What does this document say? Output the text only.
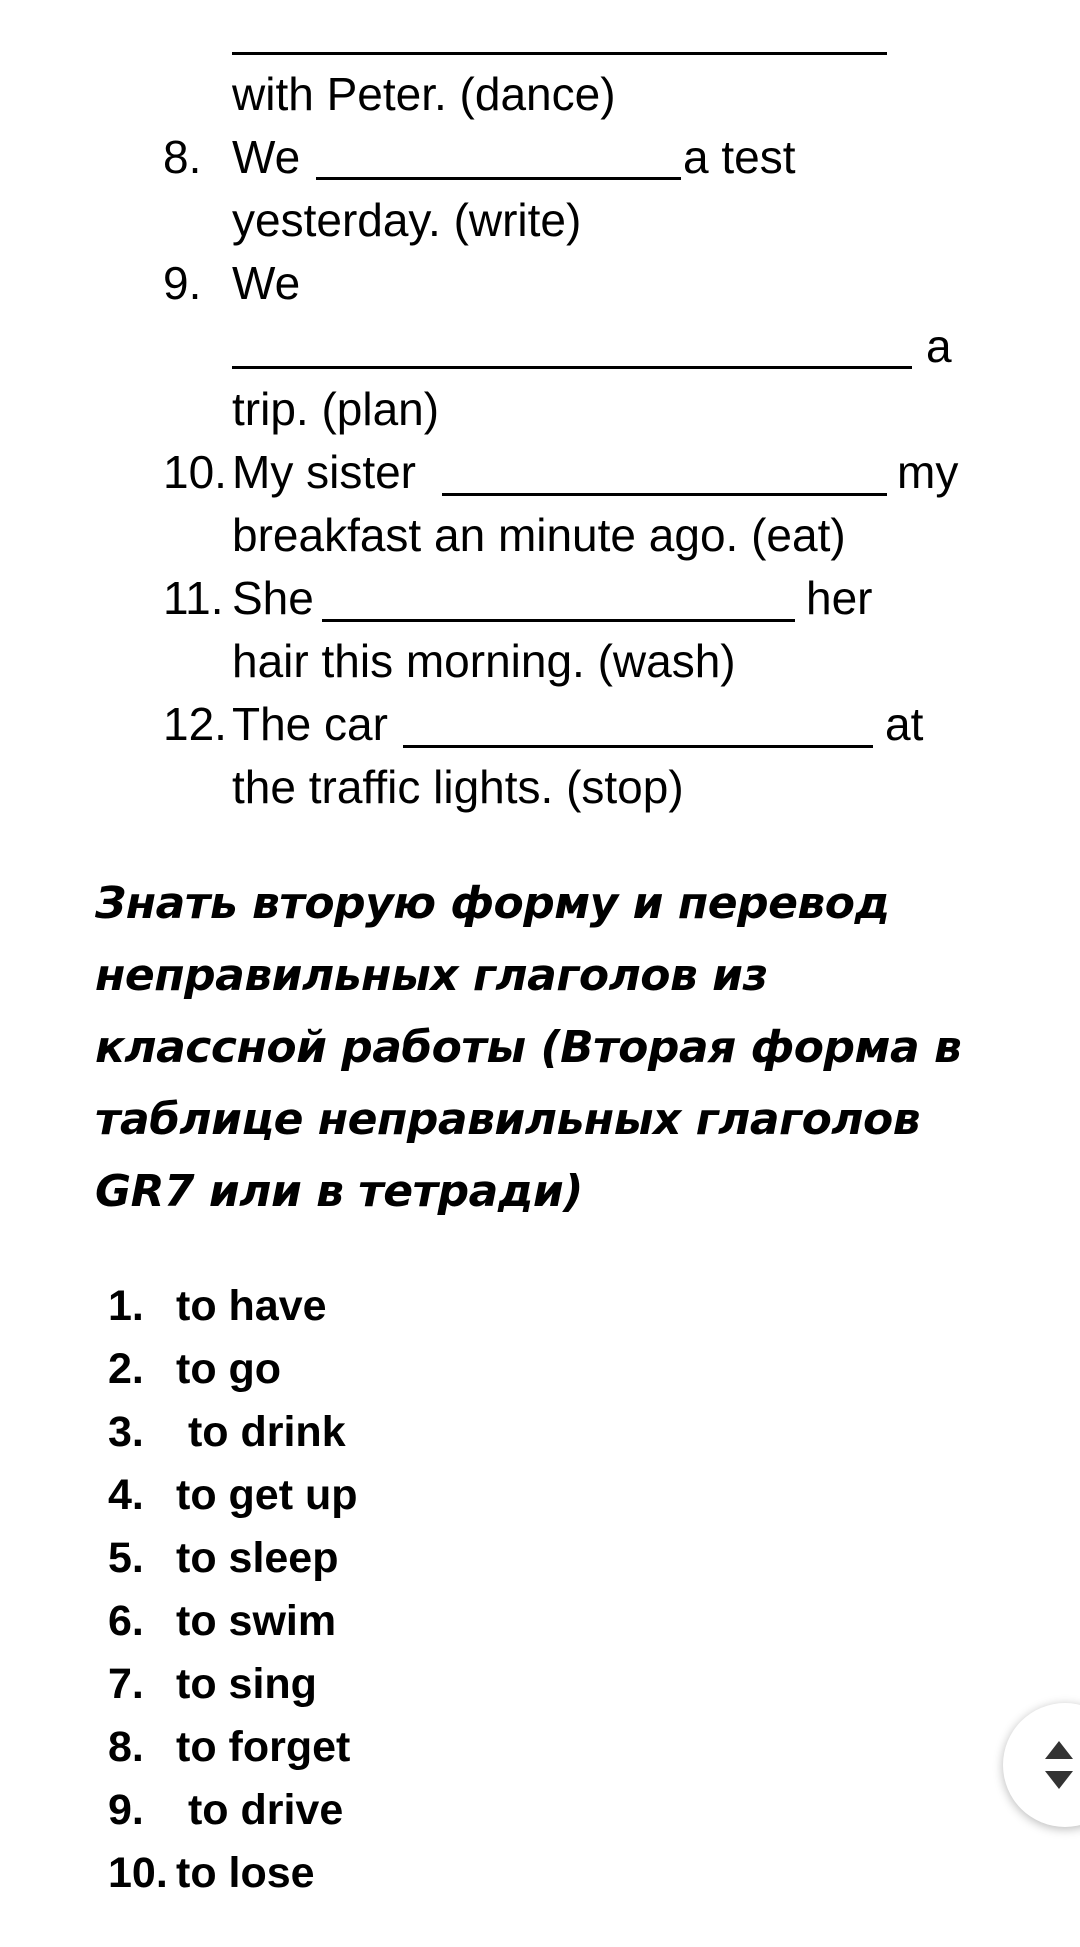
with Peter. (dance)
8. We	a test
yesterday. (write)
9. We
a
trip. (plan)
10. My sister	my
breakfast an minute ago. (eat)
11. She	her
hair this morning. (wash)
12. The car	at
the traffic lights. (stop)
Знать вторую форму и перевод
неправильных глаголов из
классной работы (Вторая форма в
таблице неправильных глаголов
GR7 или в тетради)
1. to have
2. to go
3. to drink
4. to get up
5. to sleep
6. to swim
7. to sing
8. to forget
9. to drive
10. to lose
